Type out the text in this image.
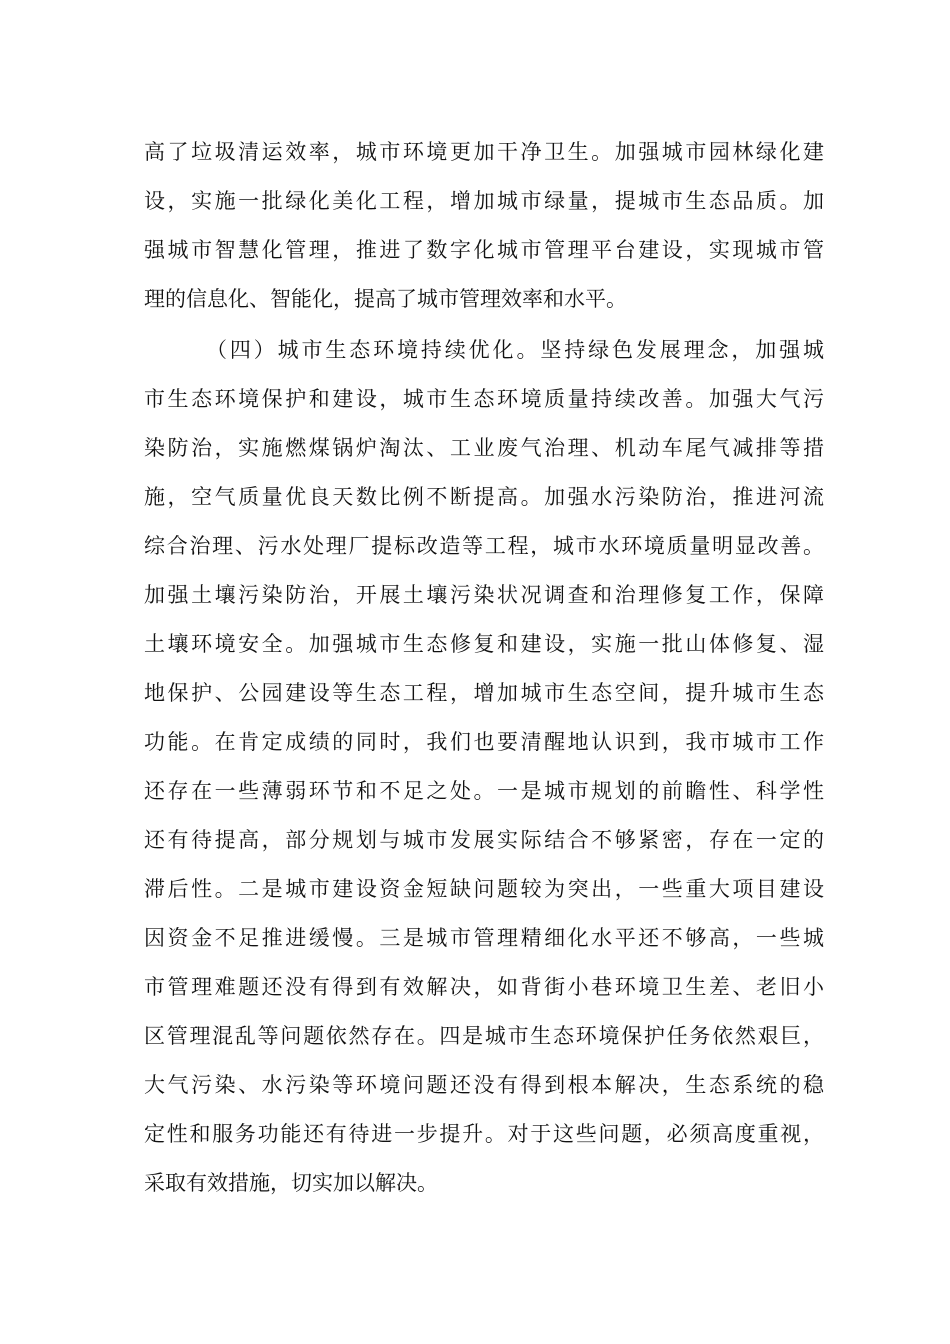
高了垃圾清运效率，城市环境更加干净卫生。加强城市园林绿化建
设，实施一批绿化美化工程，增加城市绿量，提城市生态品质。加
强城市智慧化管理，推进了数字化城市管理平台建设，实现城市管
理的信息化、智能化，提高了城市管理效率和水平。
（四）城市生态环境持续优化。坚持绿色发展理念，加强城
市生态环境保护和建设，城市生态环境质量持续改善。加强大气污
染防治，实施燃煤锅炉淘汰、工业废气治理、机动车尾气减排等措
施，空气质量优良天数比例不断提高。加强水污染防治，推进河流
综合治理、污水处理厂提标改造等工程，城市水环境质量明显改善。
加强土壤污染防治，开展土壤污染状况调查和治理修复工作，保障
土壤环境安全。加强城市生态修复和建设，实施一批山体修复、湿
地保护、公园建设等生态工程，增加城市生态空间，提升城市生态
功能。在肯定成绩的同时，我们也要清醒地认识到，我市城市工作
还存在一些薄弱环节和不足之处。一是城市规划的前瞻性、科学性
还有待提高，部分规划与城市发展实际结合不够紧密，存在一定的
滞后性。二是城市建设资金短缺问题较为突出，一些重大项目建设
因资金不足推进缓慢。三是城市管理精细化水平还不够高，一些城
市管理难题还没有得到有效解决，如背街小巷环境卫生差、老旧小
区管理混乱等问题依然存在。四是城市生态环境保护任务依然艰巨，
大气污染、水污染等环境问题还没有得到根本解决，生态系统的稳
定性和服务功能还有待进一步提升。对于这些问题，必须高度重视，
采取有效措施，切实加以解决。
